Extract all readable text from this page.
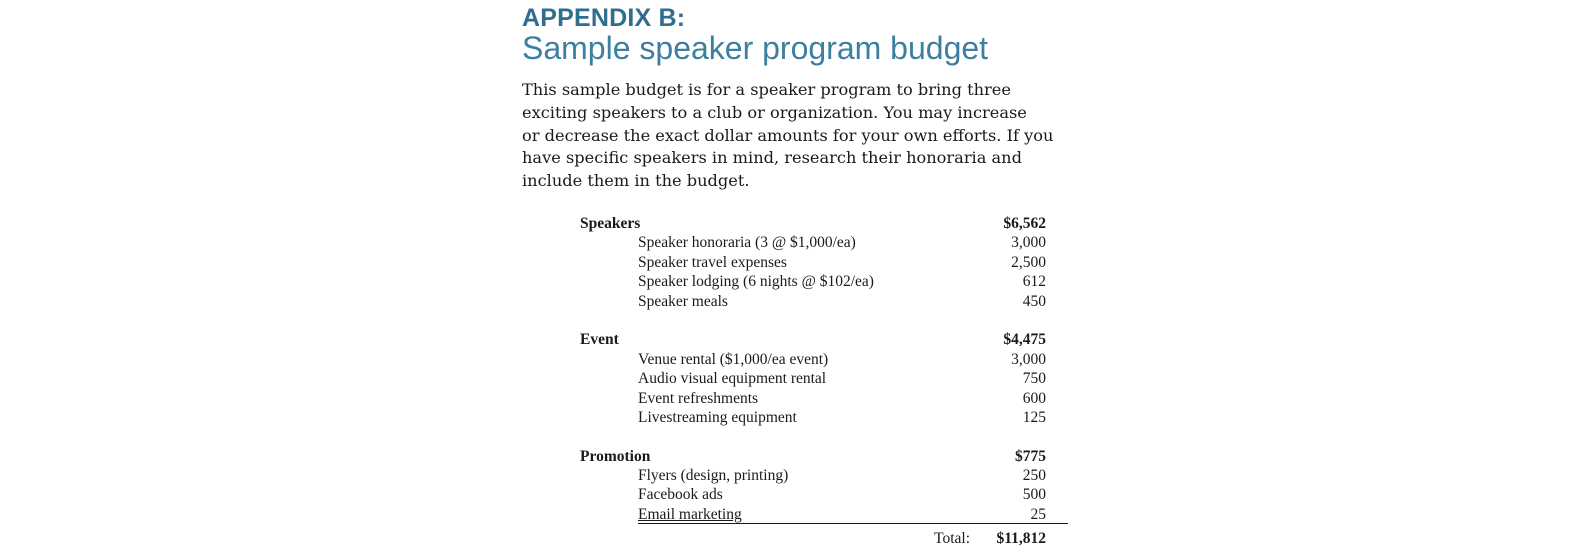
APPENDIX B:
Sample speaker program budget
This sample budget is for a speaker program to bring three
exciting speakers to a club or organization. You may increase
or decrease the exact dollar amounts for your own efforts. If you
have specific speakers in mind, research their honoraria and
include them in the budget.
Speakers	$6,562
Speaker honoraria (3 @ $1,000/ea)	3,000
Speaker travel expenses	2,500
Speaker lodging (6 nights @ $102/ea)	612
Speaker meals	450
Event	$4,475
Venue rental ($1,000/ea event)	3,000
Audio visual equipment rental	750
Event refreshments	600
Livestreaming equipment	125
Promotion	$775
Flyers (design, printing)	250
Facebook ads	500
Email marketing	25
Total: $11,812
